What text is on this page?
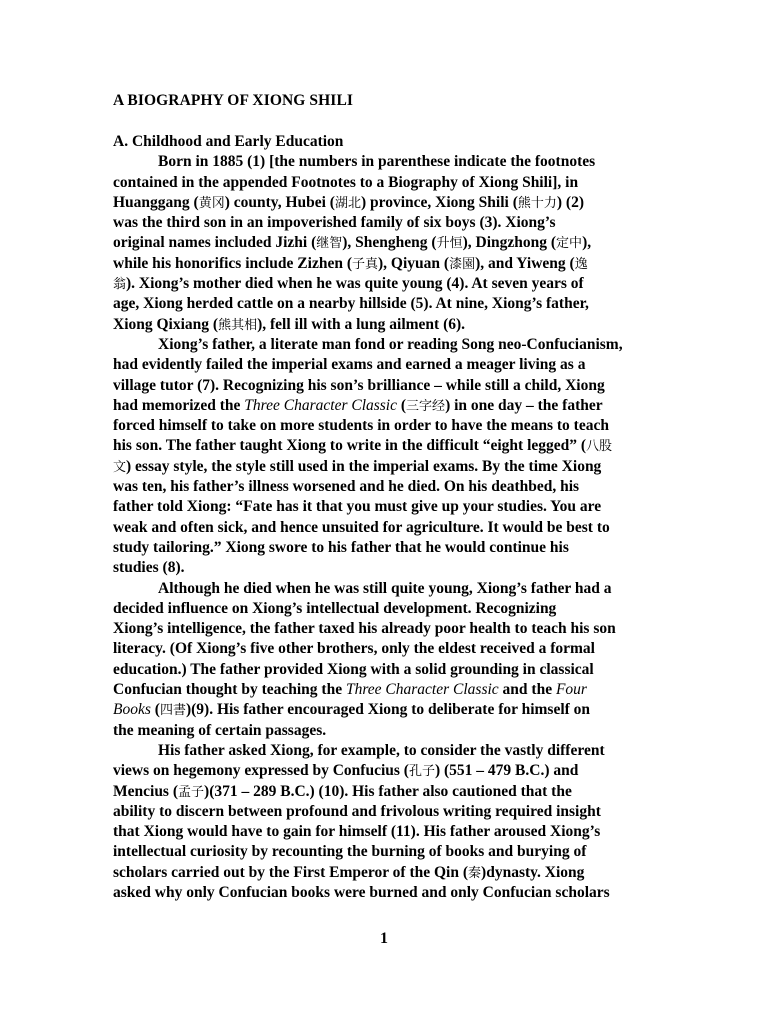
A BIOGRAPHY OF XIONG SHILI
A. Childhood and Early Education
Born in 1885 (1) [the numbers in parenthese indicate the footnotes
contained in the appended Footnotes to a Biography of Xiong Shili], in
Huanggang (黄冈) county, Hubei (湖北) province, Xiong Shili (熊十力) (2)
was the third son in an impoverished family of six boys (3). Xiong’s
original names included Jizhi (继智), Shengheng (升恒), Dingzhong (定中),
while his honorifics include Zizhen (子真), Qiyuan (漆園), and Yiweng (逸
翁). Xiong’s mother died when he was quite young (4). At seven years of
age, Xiong herded cattle on a nearby hillside (5). At nine, Xiong’s father,
Xiong Qixiang (熊其相), fell ill with a lung ailment (6).
Xiong’s father, a literate man fond or reading Song neo-Confucianism,
had evidently failed the imperial exams and earned a meager living as a
village tutor (7). Recognizing his son’s brilliance – while still a child, Xiong
had memorized the Three Character Classic (三字经) in one day – the father
forced himself to take on more students in order to have the means to teach
his son. The father taught Xiong to write in the difficult “eight legged” (八股
文) essay style, the style still used in the imperial exams. By the time Xiong
was ten, his father’s illness worsened and he died. On his deathbed, his
father told Xiong: “Fate has it that you must give up your studies. You are
weak and often sick, and hence unsuited for agriculture. It would be best to
study tailoring.” Xiong swore to his father that he would continue his
studies (8).
Although he died when he was still quite young, Xiong’s father had a
decided influence on Xiong’s intellectual development. Recognizing
Xiong’s intelligence, the father taxed his already poor health to teach his son
literacy. (Of Xiong’s five other brothers, only the eldest received a formal
education.) The father provided Xiong with a solid grounding in classical
Confucian thought by teaching the Three Character Classic and the Four
Books (四書)(9). His father encouraged Xiong to deliberate for himself on
the meaning of certain passages.
His father asked Xiong, for example, to consider the vastly different
views on hegemony expressed by Confucius (孔子) (551 – 479 B.C.) and
Mencius (孟子)(371 – 289 B.C.) (10). His father also cautioned that the
ability to discern between profound and frivolous writing required insight
that Xiong would have to gain for himself (11). His father aroused Xiong’s
intellectual curiosity by recounting the burning of books and burying of
scholars carried out by the First Emperor of the Qin (秦)dynasty. Xiong
asked why only Confucian books were burned and only Confucian scholars
1
